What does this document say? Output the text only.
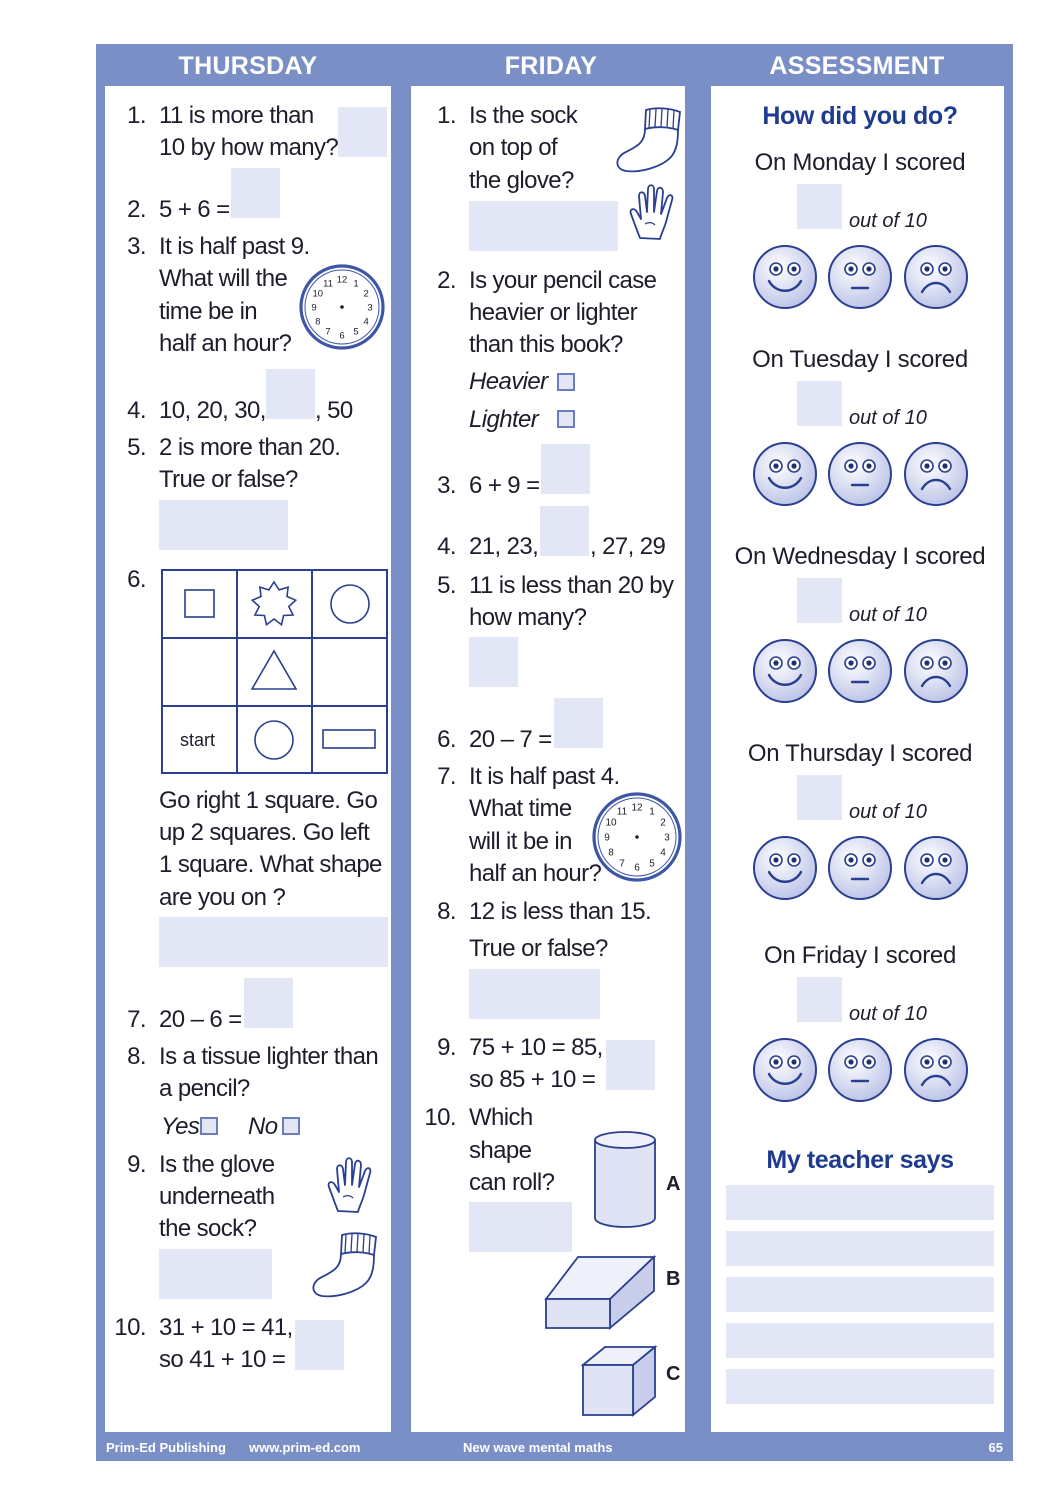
THURSDAY	FRIDAY	ASSESSMENT
Prim-Ed Publishing www.prim-ed.com	New wave mental maths	65
1. 11 is more than
10 by how many?
2. 5 + 6 =
3. It is half past 9.
What will the
time be in
half an hour?
12 1
2
3
4
5
6
7
8
9
10
11
4. 10, 20, 30, , 50
5. 2 is more than 20.
True or false?
6.
start
Go right 1 square. Go
up 2 squares. Go left
1 square. What shape
are you on ?
7. 20 – 6 =
8. Is a tissue lighter than
a pencil?
Yes No
9. Is the glove
underneath
the sock?
10. 31 + 10 = 41,
so 41 + 10 =
1. Is the sock
on top of
the glove?
2. Is your pencil case
heavier or lighter
than this book?
Heavier
Lighter
3. 6 + 9 =
4. 21, 23, , 27, 29
5. 11 is less than 20 by
how many?
6. 20 – 7 =
7. It is half past 4.
What time
will it be in
half an hour?
12 1
2
3
4
5
6
7
8
9
10
11
8. 12 is less than 15.
True or false?
9. 75 + 10 = 85,
so 85 + 10 =
10. Which
shape
can roll?	A
B
C
How did you do?
On Monday I scored
out of 10
On Tuesday I scored
out of 10
On Wednesday I scored
out of 10
On Thursday I scored
out of 10
On Friday I scored
out of 10
My teacher says
